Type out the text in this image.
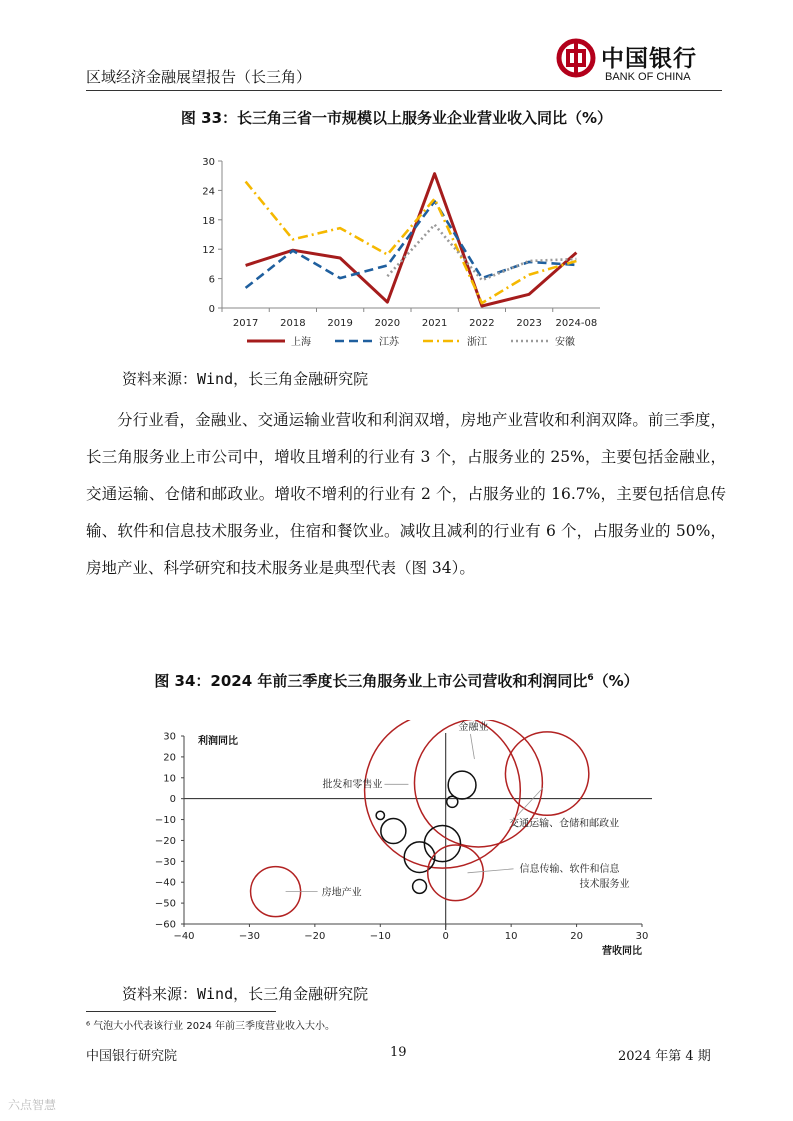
区域经济金融展望报告（长三角）
中国银行
BANK OF CHINA
图 33：长三角三省一市规模以上服务业企业营业收入同比（%）
0
6
12
18
24
30
2017 2018 2019 2020 2021 2022 2023 2024-08
上海	江苏	浙江	安徽
资料来源：Wind，长三角金融研究院
分行业看，金融业、交通运输业营收和利润双增，房地产业营收和利润双降。前三季度，长三角服务业上市公司中，增收且增利的行业有 3 个，占服务业的 25%，主要包括金融业，交通运输、仓储和邮政业。增收不增利的行业有 2 个，占服务业的 16.7%，主要包括信息传输、软件和信息技术服务业，住宿和餐饮业。减收且减利的行业有 6 个，占服务业的 50%，房地产业、科学研究和技术服务业是典型代表（图 34）。
图 34：2024 年前三季度长三角服务业上市公司营收和利润同比$^6$（%）
30
20
10
0
−10
−20
−30
−40
−50
−60
−40	−30	−20	−10	0	10	20	30
利润同比
营收同比
金融业
批发和零售业
交通运输、仓储和邮政业
信息传输、软件和信息
技术服务业
房地产业
资料来源：Wind，长三角金融研究院
⁶ 气泡大小代表该行业 2024 年前三季度营业收入大小。
中国银行研究院	19	2024 年第 4 期
六点智慧
